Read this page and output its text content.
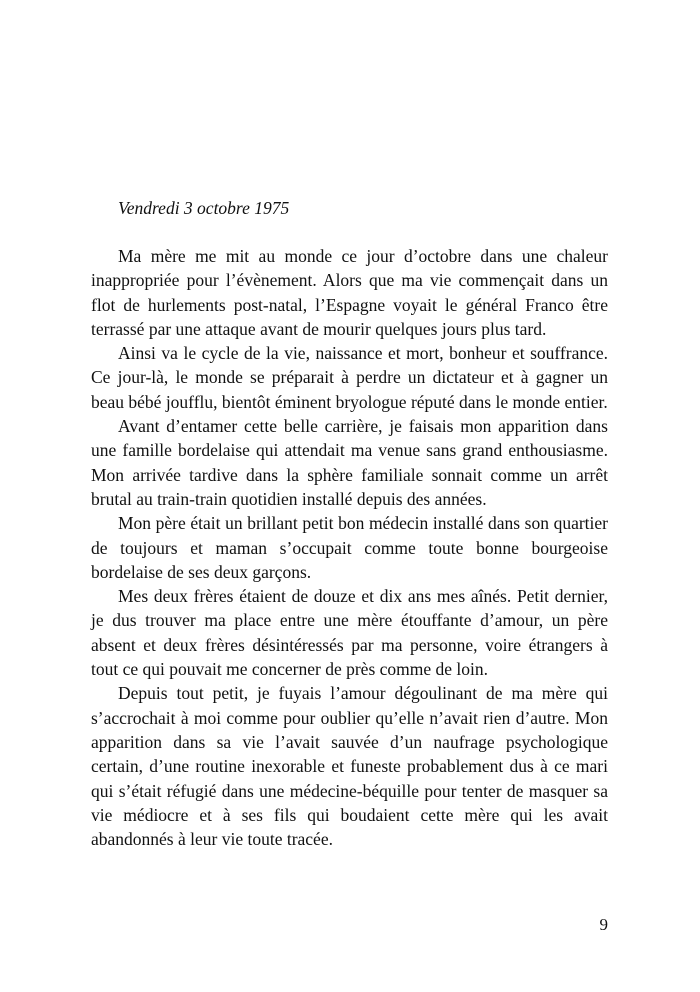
Vendredi 3 octobre 1975

Ma mère me mit au monde ce jour d’octobre dans une chaleur inappropriée pour l’évènement. Alors que ma vie commençait dans un flot de hurlements post-natal, l’Espagne voyait le général Franco être terrassé par une attaque avant de mourir quelques jours plus tard.

Ainsi va le cycle de la vie, naissance et mort, bonheur et souffrance. Ce jour-là, le monde se préparait à perdre un dictateur et à gagner un beau bébé joufflu, bientôt éminent bryologue réputé dans le monde entier.

Avant d’entamer cette belle carrière, je faisais mon apparition dans une famille bordelaise qui attendait ma venue sans grand enthousiasme. Mon arrivée tardive dans la sphère familiale sonnait comme un arrêt brutal au train-train quotidien installé depuis des années.

Mon père était un brillant petit bon médecin installé dans son quartier de toujours et maman s’occupait comme toute bonne bourgeoise bordelaise de ses deux garçons.

Mes deux frères étaient de douze et dix ans mes aînés. Petit dernier, je dus trouver ma place entre une mère étouffante d’amour, un père absent et deux frères désintéressés par ma personne, voire étrangers à tout ce qui pouvait me concerner de près comme de loin.

Depuis tout petit, je fuyais l’amour dégoulinant de ma mère qui s’accrochait à moi comme pour oublier qu’elle n’avait rien d’autre. Mon apparition dans sa vie l’avait sauvée d’un naufrage psychologique certain, d’une routine inexorable et funeste probablement dus à ce mari qui s’était réfugié dans une médecine-béquille pour tenter de masquer sa vie médiocre et à ses fils qui boudaient cette mère qui les avait abandonnés à leur vie toute tracée.

9
